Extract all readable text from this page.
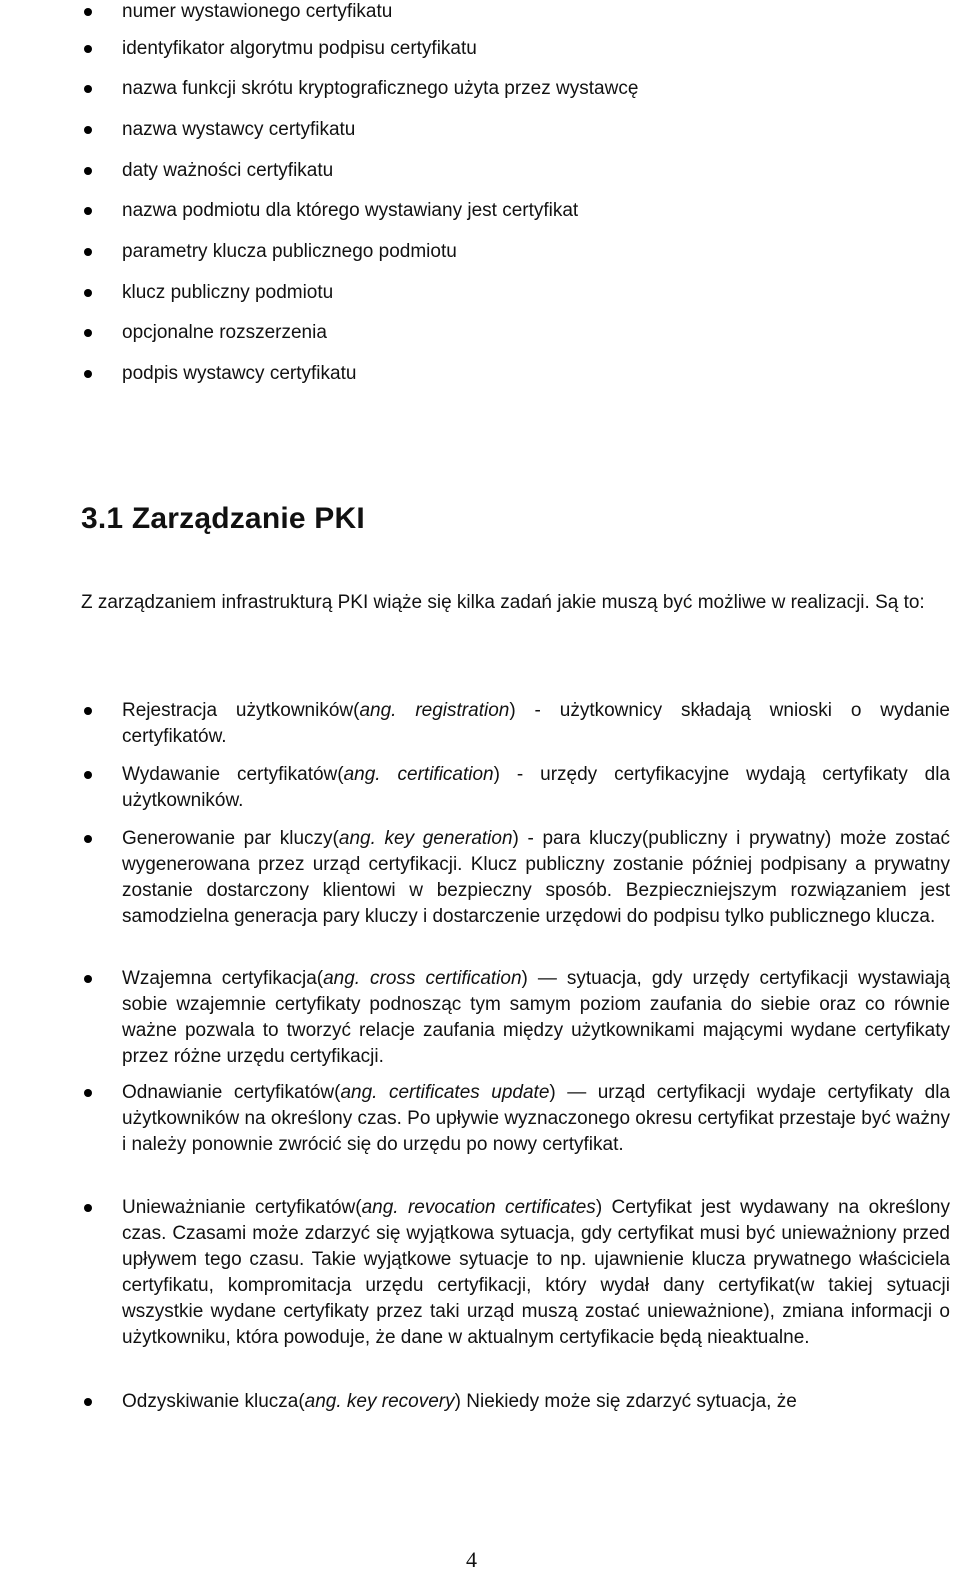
numer wystawionego certyfikatu
identyfikator algorytmu podpisu certyfikatu
nazwa funkcji skrótu kryptograficznego użyta przez wystawcę
nazwa wystawcy certyfikatu
daty ważności certyfikatu
nazwa podmiotu dla którego wystawiany jest certyfikat
parametry klucza publicznego podmiotu
klucz publiczny podmiotu
opcjonalne rozszerzenia
podpis wystawcy certyfikatu
3.1 Zarządzanie PKI

Z zarządzaniem infrastrukturą PKI wiąże się kilka zadań jakie muszą być możliwe w realizacji. Są to:

Rejestracja użytkowników(ang. registration) - użytkownicy składają wnioski o wydanie certyfikatów.

Wydawanie certyfikatów(ang. certification) - urzędy certyfikacyjne wydają certyfikaty dla użytkowników.

Generowanie par kluczy(ang. key generation) - para kluczy(publiczny i prywatny) może zostać wygenerowana przez urząd certyfikacji. Klucz publiczny zostanie później podpisany a prywatny zostanie dostarczony klientowi w bezpieczny sposób. Bezpieczniejszym rozwiązaniem jest samodzielna generacja pary kluczy i dostarczenie urzędowi do podpisu tylko publicznego klucza.

Wzajemna certyfikacja(ang. cross certification) — sytuacja, gdy urzędy certyfikacji wystawiają sobie wzajemnie certyfikaty podnosząc tym samym poziom zaufania do siebie oraz co równie ważne pozwala to tworzyć relacje zaufania między użytkownikami mającymi wydane certyfikaty przez różne urzędu certyfikacji.

Odnawianie certyfikatów(ang. certificates update) — urząd certyfikacji wydaje certyfikaty dla użytkowników na określony czas. Po upływie wyznaczonego okresu certyfikat przestaje być ważny i należy ponownie zwrócić się do urzędu po nowy certyfikat.

Unieważnianie certyfikatów(ang. revocation certificates) Certyfikat jest wydawany na określony czas. Czasami może zdarzyć się wyjątkowa sytuacja, gdy certyfikat musi być unieważniony przed upływem tego czasu. Takie wyjątkowe sytuacje to np. ujawnienie klucza prywatnego właściciela certyfikatu, kompromitacja urzędu certyfikacji, który wydał dany certyfikat(w takiej sytuacji wszystkie wydane certyfikaty przez taki urząd muszą zostać unieważnione), zmiana informacji o użytkowniku, która powoduje, że dane w aktualnym certyfikacie będą nieaktualne.

Odzyskiwanie klucza(ang. key recovery) Niekiedy może się zdarzyć sytuacja, że

4
